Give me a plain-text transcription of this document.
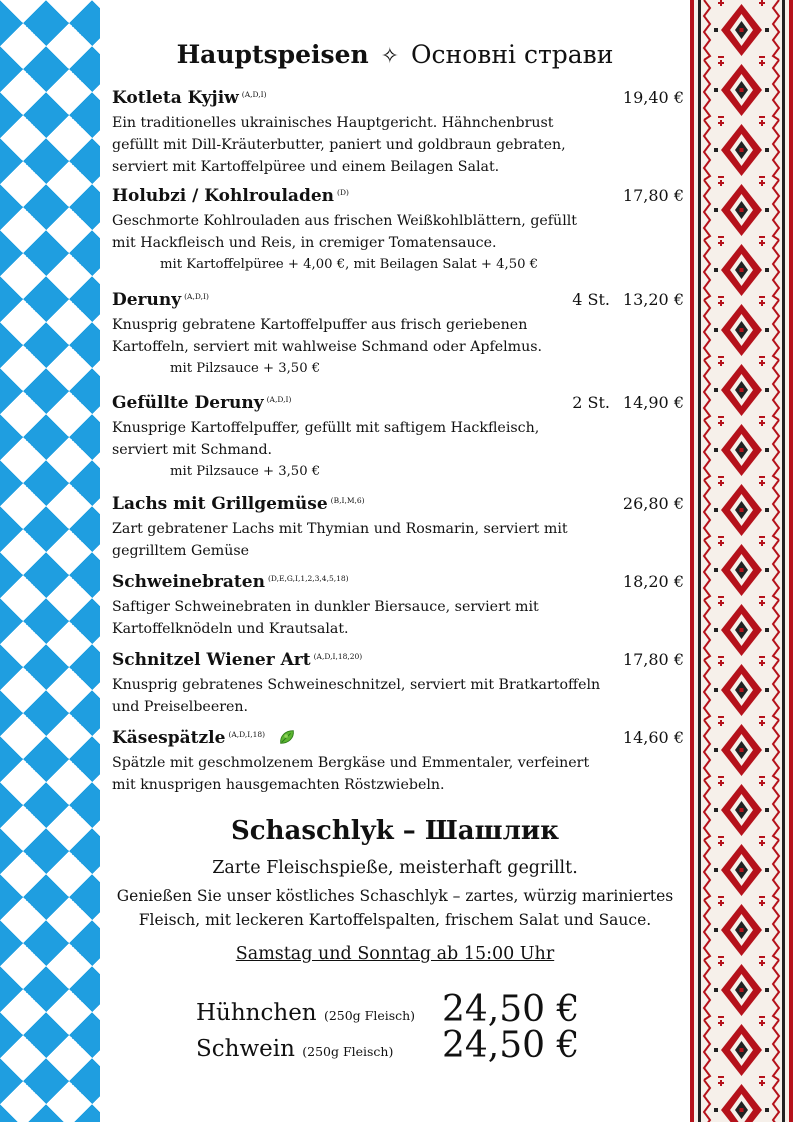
Hauptspeisen ✧ Основні страви
Kotleta Kyjiw $^{(A,D,I)}$	19,40 €
Ein traditionelles ukrainisches Hauptgericht. Hähnchenbrust
gefüllt mit Dill-Kräuterbutter, paniert und goldbraun gebraten,
serviert mit Kartoffelpüree und einem Beilagen Salat.
Holubzi / Kohlrouladen $^{(D)}$	17,80 €
Geschmorte Kohlrouladen aus frischen Weißkohlblättern, gefüllt
mit Hackfleisch und Reis, in cremiger Tomatensauce.
mit Kartoffelpüree + 4,00 €, mit Beilagen Salat + 4,50 €
Deruny $^{(A,D,I)}$	4 St. 13,20 €
Knusprig gebratene Kartoffelpuffer aus frisch geriebenen
Kartoffeln, serviert mit wahlweise Schmand oder Apfelmus.
mit Pilzsauce + 3,50 €
Gefüllte Deruny $^{(A,D,I)}$	2 St. 14,90 €
Knusprige Kartoffelpuffer, gefüllt mit saftigem Hackfleisch,
serviert mit Schmand.
mit Pilzsauce + 3,50 €
Lachs mit Grillgemüse $^{(B,I,M,6)}$	26,80 €
Zart gebratener Lachs mit Thymian und Rosmarin, serviert mit
gegrilltem Gemüse
Schweinebraten $^{(D,E,G,I,1,2,3,4,5,18)}$	18,20 €
Saftiger Schweinebraten in dunkler Biersauce, serviert mit
Kartoffelknödeln und Krautsalat.
Schnitzel Wiener Art $^{(A,D,I,18,20)}$	17,80 €
Knusprig gebratenes Schweineschnitzel, serviert mit Bratkartoffeln
und Preiselbeeren.
Käsespätzle $^{(A,D,I,18)}$	14,60 €
Spätzle mit geschmolzenem Bergkäse und Emmentaler, verfeinert
mit knusprigen hausgemachten Röstzwiebeln.
Schaschlyk – Шашлик
Zarte Fleischspieße, meisterhaft gegrillt.
Genießen Sie unser köstliches Schaschlyk – zartes, würzig mariniertes
Fleisch, mit leckeren Kartoffelspalten, frischem Salat und Sauce.
Samstag und Sonntag ab 15:00 Uhr
Hühnchen (250g Fleisch) 24,50 €
Schwein (250g Fleisch) 24,50 €
